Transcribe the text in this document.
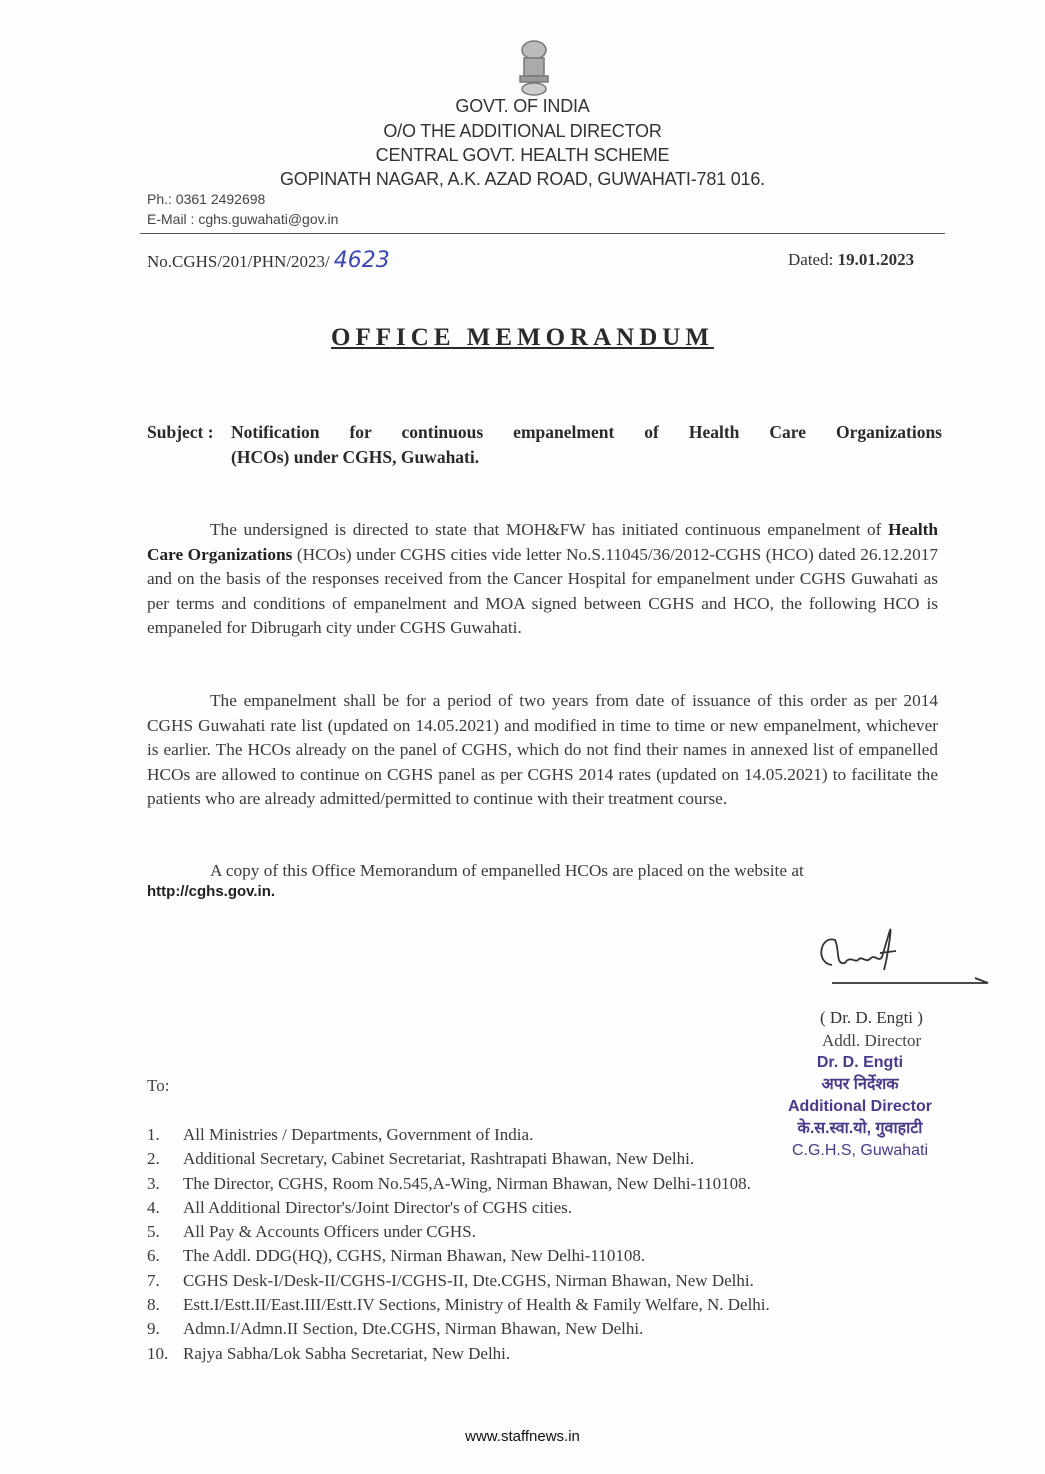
GOVT. OF INDIA
O/O THE ADDITIONAL DIRECTOR
CENTRAL GOVT. HEALTH SCHEME
GOPINATH NAGAR, A.K. AZAD ROAD, GUWAHATI-781 016.
Ph.: 0361 2492698
E-Mail : cghs.guwahati@gov.in
No.CGHS/201/PHN/2023/ 4623	Dated: 19.01.2023
OFFICE MEMORANDUM
Subject : Notification for continuous empanelment of Health Care Organizations
(HCOs) under CGHS, Guwahati.
The undersigned is directed to state that MOH&FW has initiated continuous empanelment of Health Care Organizations (HCOs) under CGHS cities vide letter No.S.11045/36/2012-CGHS (HCO) dated 26.12.2017 and on the basis of the responses received from the Cancer Hospital for empanelment under CGHS Guwahati as per terms and conditions of empanelment and MOA signed between CGHS and HCO, the following HCO is empaneled for Dibrugarh city under CGHS Guwahati.
The empanelment shall be for a period of two years from date of issuance of this order as per 2014 CGHS Guwahati rate list (updated on 14.05.2021) and modified in time to time or new empanelment, whichever is earlier. The HCOs already on the panel of CGHS, which do not find their names in annexed list of empanelled HCOs are allowed to continue on CGHS panel as per CGHS 2014 rates (updated on 14.05.2021) to facilitate the patients who are already admitted/permitted to continue with their treatment course.
A copy of this Office Memorandum of empanelled HCOs are placed on the website at

http://cghs.gov.in.
( Dr. D. Engti )
Addl. Director
Dr. D. Engti
अपर निर्देशक
Additional Director
के.स.स्वा.यो, गुवाहाटी
C.G.H.S, Guwahati
To:
1. All Ministries / Departments, Government of India.
2. Additional Secretary, Cabinet Secretariat, Rashtrapati Bhawan, New Delhi.
3. The Director, CGHS, Room No.545,A-Wing, Nirman Bhawan, New Delhi-110108.
4. All Additional Director's/Joint Director's of CGHS cities.
5. All Pay & Accounts Officers under CGHS.
6. The Addl. DDG(HQ), CGHS, Nirman Bhawan, New Delhi-110108.
7. CGHS Desk-I/Desk-II/CGHS-I/CGHS-II, Dte.CGHS, Nirman Bhawan, New Delhi.
8. Estt.I/Estt.II/East.III/Estt.IV Sections, Ministry of Health & Family Welfare, N. Delhi.
9. Admn.I/Admn.II Section, Dte.CGHS, Nirman Bhawan, New Delhi.
10. Rajya Sabha/Lok Sabha Secretariat, New Delhi.
www.staffnews.in
